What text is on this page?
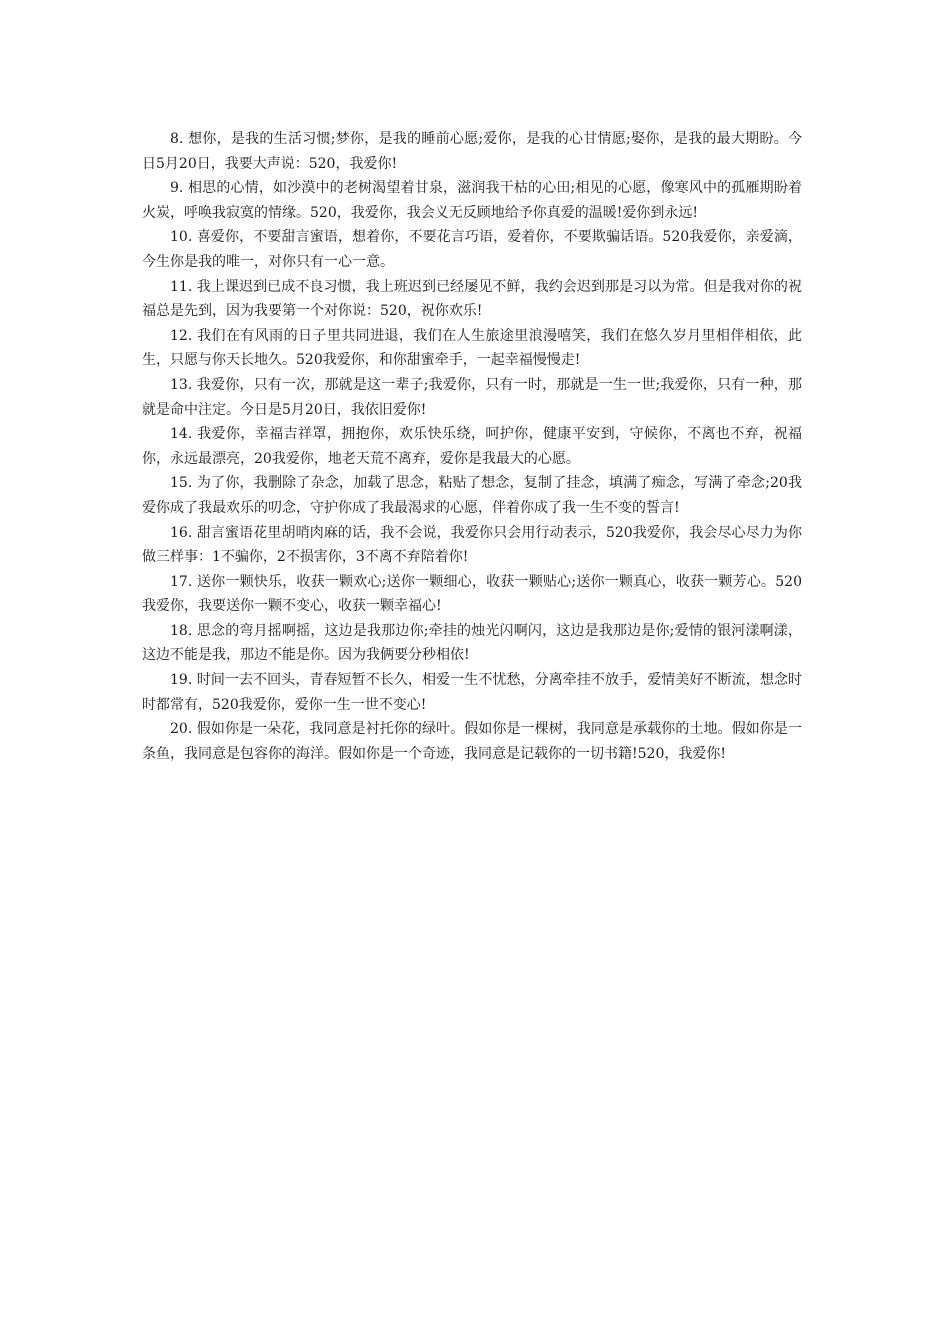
8. 想你，是我的生活习惯;梦你，是我的睡前心愿;爱你，是我的心甘情愿;娶你，是我的最大期盼。今日5月20日，我要大声说：520，我爱你!

9. 相思的心情，如沙漠中的老树渴望着甘泉，滋润我干枯的心田;相见的心愿，像寒风中的孤雁期盼着火炭，呼唤我寂寞的情缘。520，我爱你，我会义无反顾地给予你真爱的温暖!爱你到永远!

10. 喜爱你，不要甜言蜜语，想着你，不要花言巧语，爱着你，不要欺骗话语。520我爱你，亲爱滴，今生你是我的唯一，对你只有一心一意。

11. 我上课迟到已成不良习惯，我上班迟到已经屡见不鲜，我约会迟到那是习以为常。但是我对你的祝福总是先到，因为我要第一个对你说：520，祝你欢乐!

12. 我们在有风雨的日子里共同进退，我们在人生旅途里浪漫嘻笑，我们在悠久岁月里相伴相依，此生，只愿与你天长地久。520我爱你，和你甜蜜牵手，一起幸福慢慢走!

13. 我爱你，只有一次，那就是这一辈子;我爱你，只有一时，那就是一生一世;我爱你，只有一种，那就是命中注定。今日是5月20日，我依旧爱你!

14. 我爱你，幸福吉祥罩，拥抱你，欢乐快乐绕，呵护你，健康平安到，守候你，不离也不弃，祝福你，永远最漂亮，20我爱你，地老天荒不离弃，爱你是我最大的心愿。

15. 为了你，我删除了杂念，加载了思念，粘贴了想念，复制了挂念，填满了痴念，写满了牵念;20我爱你成了我最欢乐的叨念，守护你成了我最渴求的心愿，伴着你成了我一生不变的誓言!

16. 甜言蜜语花里胡哨肉麻的话，我不会说，我爱你只会用行动表示，520我爱你，我会尽心尽力为你做三样事：1不骗你，2不损害你，3不离不弃陪着你!

17. 送你一颗快乐，收获一颗欢心;送你一颗细心，收获一颗贴心;送你一颗真心，收获一颗芳心。520我爱你，我要送你一颗不变心，收获一颗幸福心!

18. 思念的弯月摇啊摇，这边是我那边你;牵挂的烛光闪啊闪，这边是我那边是你;爱情的银河漾啊漾，这边不能是我，那边不能是你。因为我俩要分秒相依!

19. 时间一去不回头，青春短暂不长久，相爱一生不忧愁，分离牵挂不放手，爱情美好不断流，想念时时都常有，520我爱你，爱你一生一世不变心!

20. 假如你是一朵花，我同意是衬托你的绿叶。假如你是一棵树，我同意是承载你的土地。假如你是一条鱼，我同意是包容你的海洋。假如你是一个奇迹，我同意是记载你的一切书籍!520，我爱你!
